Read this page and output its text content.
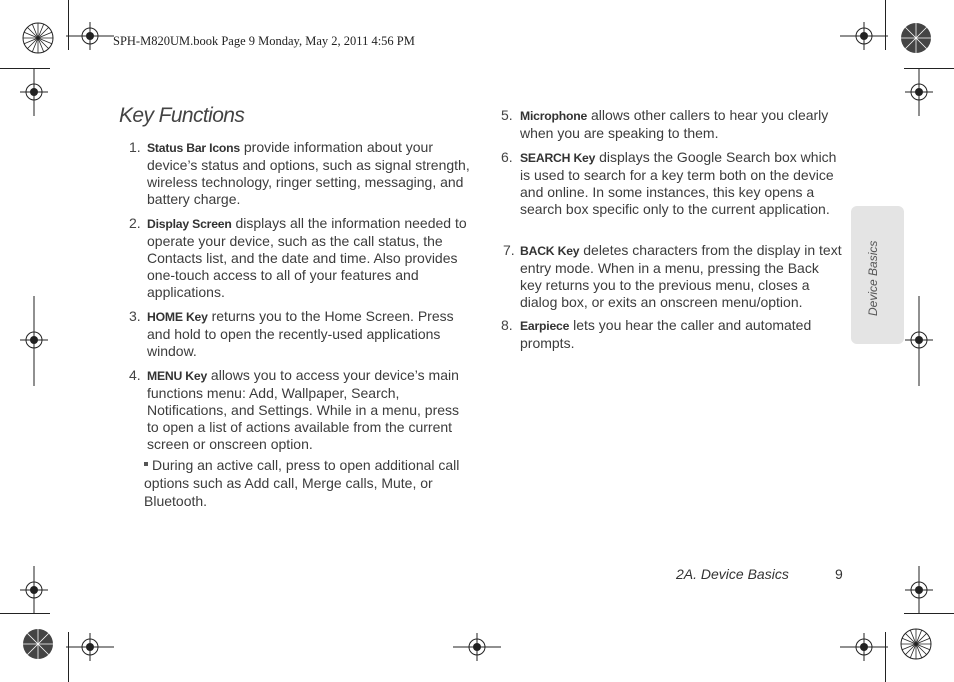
SPH-M820UM.book Page 9 Monday, May 2, 2011 4:56 PM
Key Functions
1. Status Bar Icons provide information about your device’s status and options, such as signal strength, wireless technology, ringer setting, messaging, and battery charge.
2. Display Screen displays all the information needed to operate your device, such as the call status, the Contacts list, and the date and time. Also provides one-touch access to all of your features and applications.
3. HOME Key returns you to the Home Screen. Press and hold to open the recently-used applications window.
4. MENU Key allows you to access your device’s main functions menu: Add, Wallpaper, Search, Notifications, and Settings. While in a menu, press to open a list of actions available from the current screen or onscreen option.
During an active call, press to open additional call options such as Add call, Merge calls, Mute, or Bluetooth.
5. Microphone allows other callers to hear you clearly when you are speaking to them.
6. SEARCH Key displays the Google Search box which is used to search for a key term both on the device and online. In some instances, this key opens a search box specific only to the current application.
7. BACK Key deletes characters from the display in text entry mode. When in a menu, pressing the Back key returns you to the previous menu, closes a dialog box, or exits an onscreen menu/option.
8. Earpiece lets you hear the caller and automated prompts.
Device Basics
2A. Device Basics	9
